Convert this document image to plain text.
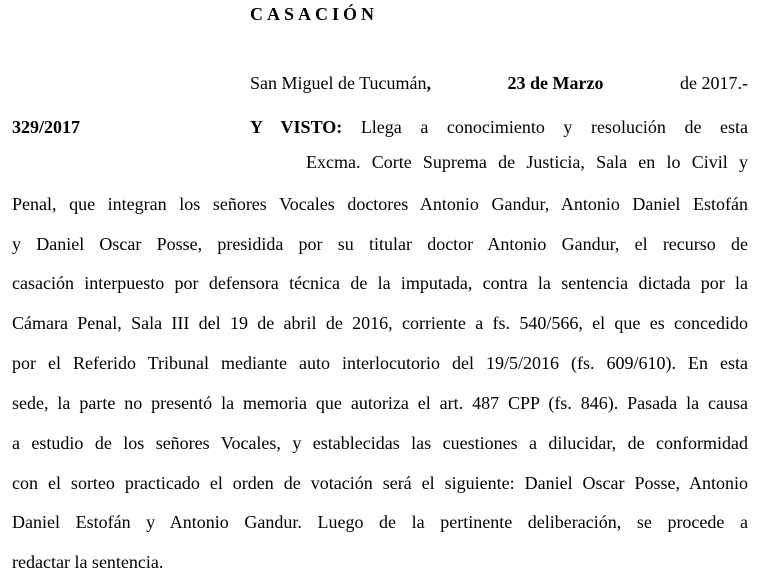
CASACIÓN
San Miguel de Tucumán,	23 de Marzo	de 2017.-
329/2017	Y VISTO: Llega a conocimiento y resolución de esta
Excma. Corte Suprema de Justicia, Sala en lo Civil y
Penal, que integran los señores Vocales doctores Antonio Gandur, Antonio Daniel Estofán
y Daniel Oscar Posse, presidida por su titular doctor Antonio Gandur, el recurso de
casación interpuesto por defensora técnica de la imputada, contra la sentencia dictada por la
Cámara Penal, Sala III del 19 de abril de 2016, corriente a fs. 540/566, el que es concedido
por el Referido Tribunal mediante auto interlocutorio del 19/5/2016 (fs. 609/610). En esta
sede, la parte no presentó la memoria que autoriza el art. 487 CPP (fs. 846). Pasada la causa
a estudio de los señores Vocales, y establecidas las cuestiones a dilucidar, de conformidad
con el sorteo practicado el orden de votación será el siguiente: Daniel Oscar Posse, Antonio
Daniel Estofán y Antonio Gandur. Luego de la pertinente deliberación, se procede a
redactar la sentencia.
